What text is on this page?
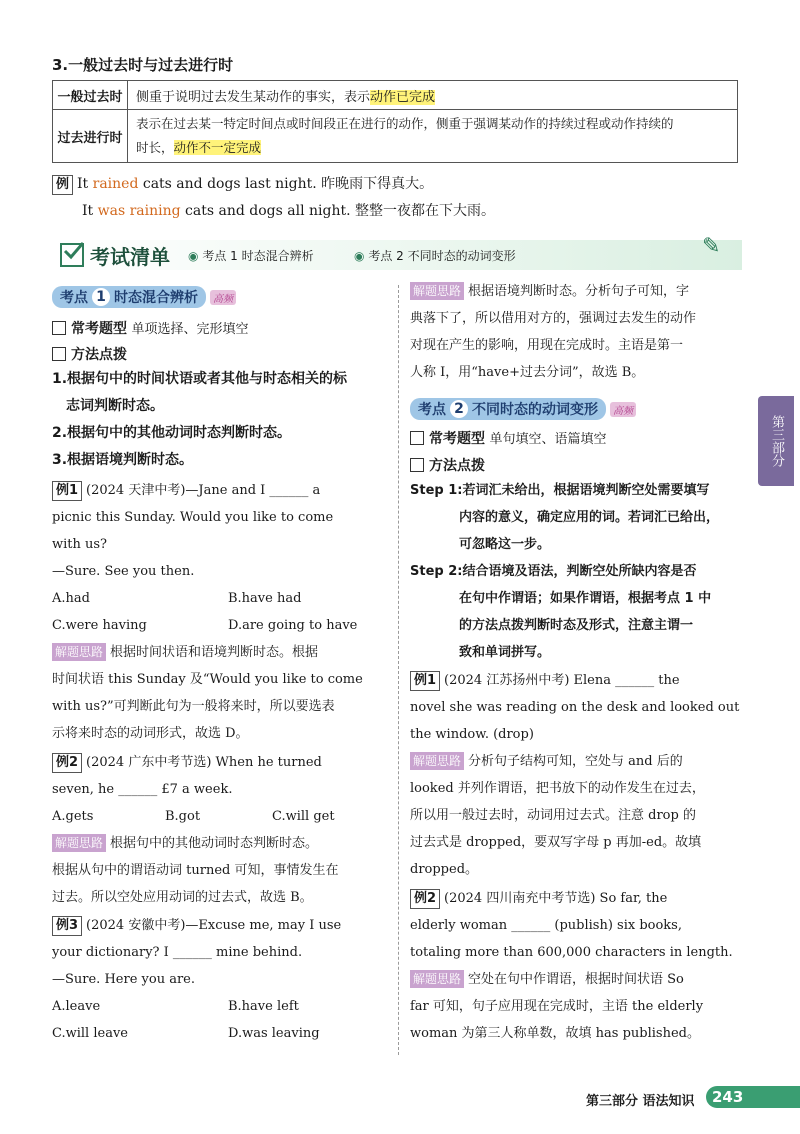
3.一般过去时与过去进行时
一般过去时	侧重于说明过去发生某动作的事实，表示动作已完成
过去进行时	表示在过去某一特定时间点或时间段正在进行的动作，侧重于强调某动作的持续过程或动作持续的
时长，动作不一定完成
例 It rained cats and dogs last night. 昨晚雨下得真大。
It was raining cats and dogs all night. 整整一夜都在下大雨。
考试清单 ◉ 考点 1 时态混合辨析	◉ 考点 2 不同时态的动词变形	✎
考点 1 时态混合辨析 高频
常考题型 单项选择、完形填空
方法点拨
1.根据句中的时间状语或者其他与时态相关的标
志词判断时态。
2.根据句中的其他动词时态判断时态。
3.根据语境判断时态。
例1 (2024 天津中考)—Jane and I ______ a
picnic this Sunday. Would you like to come
with us?
—Sure. See you then.
A.had	B.have had
C.were having	D.are going to have
解题思路 根据时间状语和语境判断时态。根据
时间状语 this Sunday 及“Would you like to come
with us?”可判断此句为一般将来时，所以要选表
示将来时态的动词形式，故选 D。
例2 (2024 广东中考节选) When he turned
seven, he ______ £7 a week.
A.gets	B.got	C.will get
解题思路 根据句中的其他动词时态判断时态。
根据从句中的谓语动词 turned 可知，事情发生在
过去。所以空处应用动词的过去式，故选 B。
例3 (2024 安徽中考)—Excuse me, may I use
your dictionary? I ______ mine behind.
—Sure. Here you are.
A.leave	B.have left
C.will leave	D.was leaving
解题思路 根据语境判断时态。分析句子可知，字
典落下了，所以借用对方的，强调过去发生的动作
对现在产生的影响，用现在完成时。主语是第一
人称 I，用“have+过去分词”，故选 B。
考点 2 不同时态的动词变形 高频
常考题型 单句填空、语篇填空
方法点拨
Step 1:若词汇未给出，根据语境判断空处需要填写
内容的意义，确定应用的词。若词汇已给出，
可忽略这一步。
Step 2:结合语境及语法，判断空处所缺内容是否
在句中作谓语；如果作谓语，根据考点 1 中
的方法点拨判断时态及形式，注意主谓一
致和单词拼写。
例1 (2024 江苏扬州中考) Elena ______ the
novel she was reading on the desk and looked out
the window. (drop)
解题思路 分析句子结构可知，空处与 and 后的
looked 并列作谓语，把书放下的动作发生在过去，
所以用一般过去时，动词用过去式。注意 drop 的
过去式是 dropped，要双写字母 p 再加-ed。故填
dropped。
例2 (2024 四川南充中考节选) So far, the
elderly woman ______ (publish) six books,
totaling more than 600,000 characters in length.
解题思路 空处在句中作谓语，根据时间状语 So
far 可知，句子应用现在完成时，主语 the elderly
woman 为第三人称单数，故填 has published。
第三部分
第三部分 语法知识	243
